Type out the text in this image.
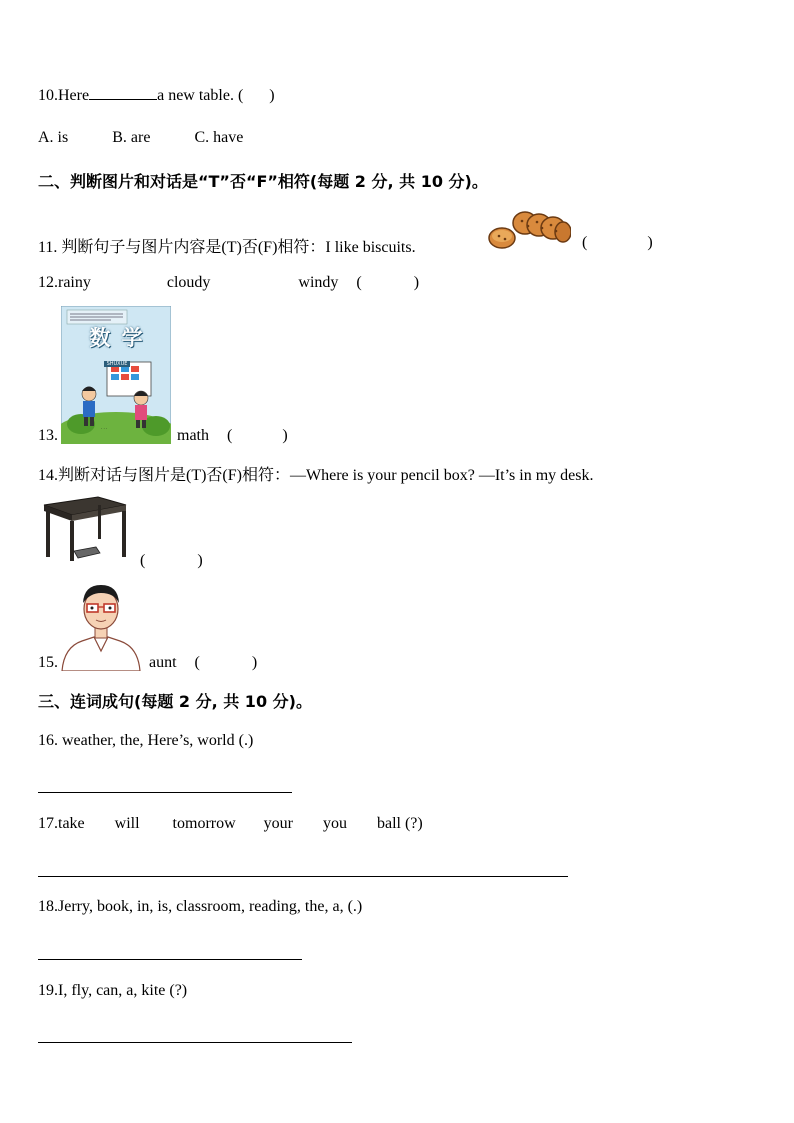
10.Here	a new table. ( )
A. is	B. are	C. have
二、判断图片和对话是“T”否“F”相符(每题 2 分, 共 10 分)。
11. 判断句子与图片内容是(T)否(F)相符：I like biscuits.	(	)
12.rainy	cloudy	windy (	)
· · ·
数 学
SHUXUE
13.	math (	)
14.判断对话与图片是(T)否(F)相符：—Where is your pencil box? —It’s in my desk.
(	)
15.	aunt (	)
三、连词成句(每题 2 分, 共 10 分)。
16. weather, the, Here’s, world (.)
17.take will tomorrow your you ball (?)
18.Jerry, book, in, is, classroom, reading, the, a, (.)
19.I, fly, can, a, kite (?)
